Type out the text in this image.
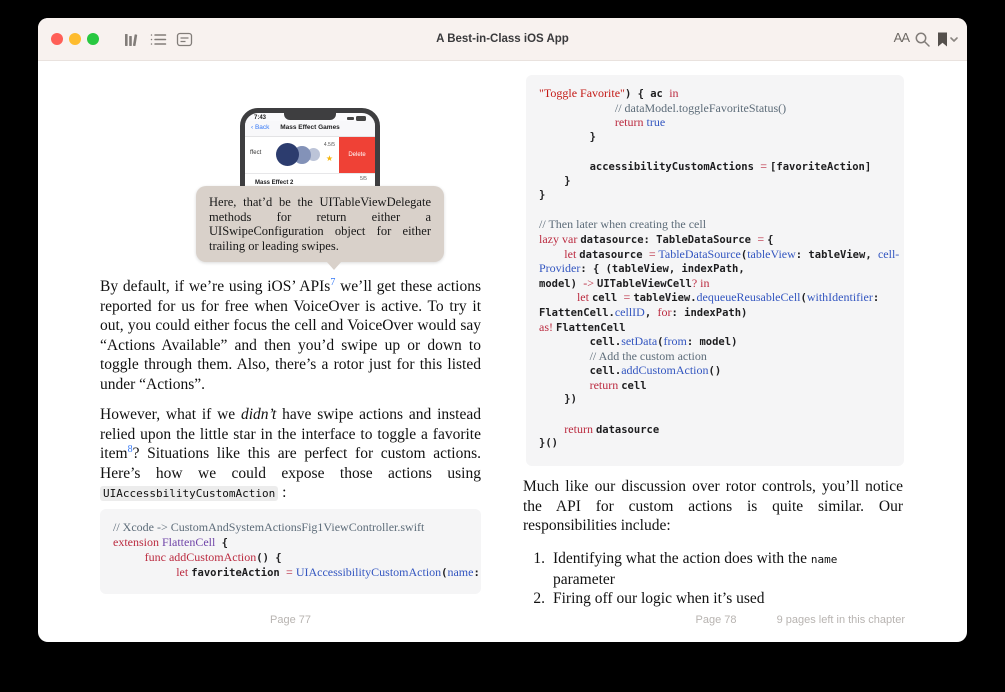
A Best-in-Class iOS App	AA
7:43
‹ Back	Mass Effect Games
ffect
4.5/5
★	Delete
Mass Effect 2
5/5
Here, that’d be the UITableViewDelegate methods for return either a UISwipeConfiguration object for either trailing or leading swipes.
By default, if we’re using iOS’ APIs$^7$ we’ll get these actions reported for us for free when VoiceOver is active. To try it out, you could either focus the cell and VoiceOver would say “Actions Available” and then you’d swipe up or down to toggle through them. Also, there’s a rotor just for this listed under “Actions”.
However, what if we didn’t have swipe actions and instead relied upon the little star in the interface to toggle a favorite item$^8$? Situations like this are perfect for custom actions. Here’s how we could expose those actions using UIAccessbilityCustomAction :
// Xcode -> CustomAndSystemActionsFig1ViewController.swift
extension FlattenCell {
func addCustomAction() {
let favoriteAction = UIAccessibilityCustomAction(name:
Page 77
"Toggle Favorite") { ac in
// dataModel.toggleFavoriteStatus()
return true
}

accessibilityCustomActions = [favoriteAction]
}
}

// Then later when creating the cell
lazy var datasource: TableDataSource = {
let datasource = TableDataSource(tableView: tableView, cell-
Provider: { (tableView, indexPath,
model) -> UITableViewCell? in
let cell = tableView.dequeueReusableCell(withIdentifier:
FlattenCell.cellID, for: indexPath)
as! FlattenCell
cell.setData(from: model)
// Add the custom action
cell.addCustomAction()
return cell
})

return datasource
}()
Much like our discussion over rotor controls, you’ll notice the API for custom actions is quite similar. Our responsibilities include:
1. Identifying what the action does with the name parameter
2. Firing off our logic when it’s used
Page 78	9 pages left in this chapter
